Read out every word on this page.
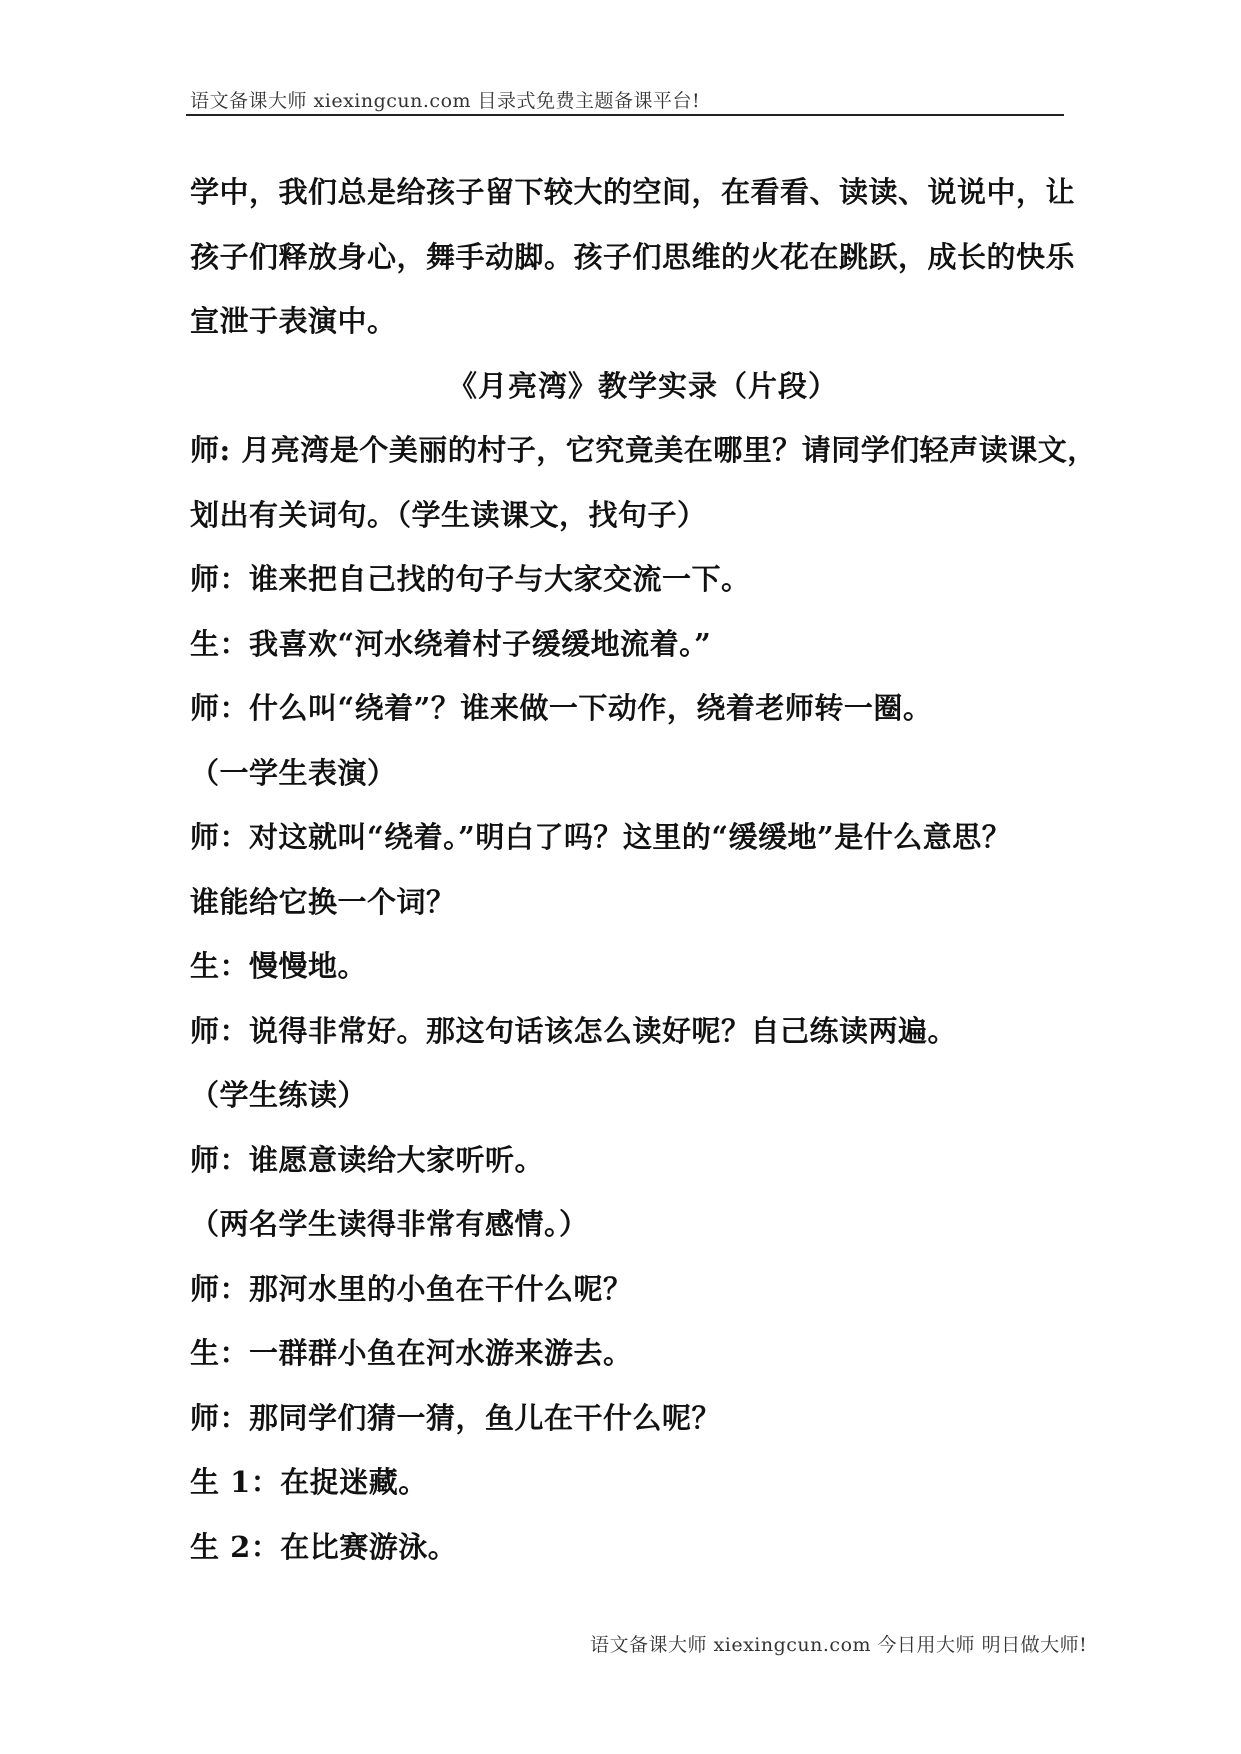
语文备课大师 xiexingcun.com 目录式免费主题备课平台!
学中，我们总是给孩子留下较大的空间，在看看、读读、说说中，让
孩子们释放身心，舞手动脚。孩子们思维的火花在跳跃，成长的快乐
宣泄于表演中。
《月亮湾》教学实录（片段）
师: 月亮湾是个美丽的村子，它究竟美在哪里？请同学们轻声读课文，
划出有关词句。（学生读课文，找句子）
师：谁来把自己找的句子与大家交流一下。
生：我喜欢“河水绕着村子缓缓地流着。”
师：什么叫“绕着”？谁来做一下动作，绕着老师转一圈。
（一学生表演）
师：对这就叫“绕着。”明白了吗？这里的“缓缓地”是什么意思？
谁能给它换一个词？
生：慢慢地。
师：说得非常好。那这句话该怎么读好呢？自己练读两遍。
（学生练读）
师：谁愿意读给大家听听。
（两名学生读得非常有感情。）
师：那河水里的小鱼在干什么呢？
生：一群群小鱼在河水游来游去。
师：那同学们猜一猜，鱼儿在干什么呢？
生 1：在捉迷藏。
生 2：在比赛游泳。
语文备课大师 xiexingcun.com 今日用大师 明日做大师!
